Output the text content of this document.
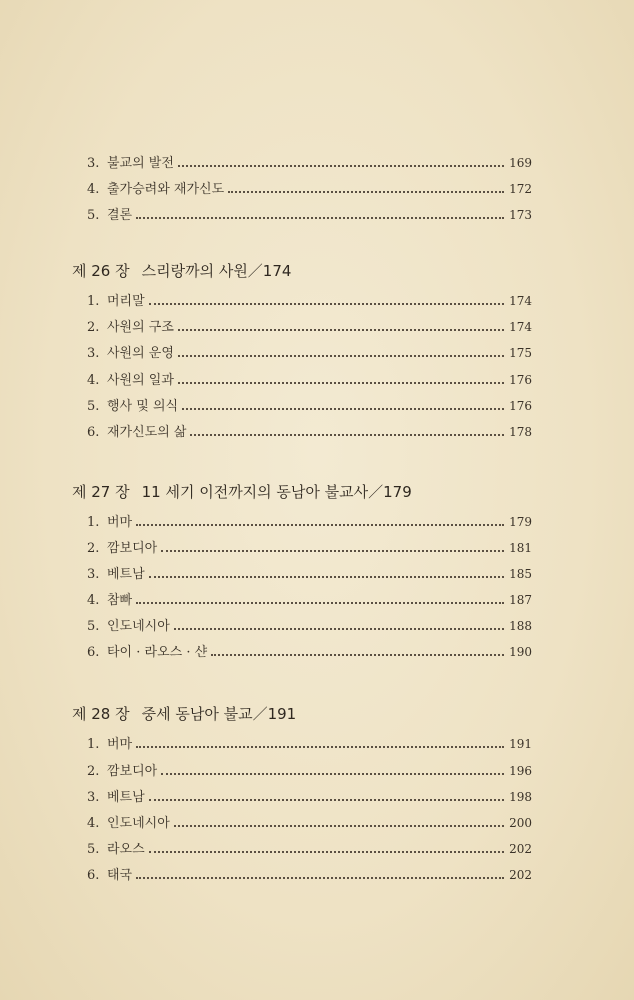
3. 불교의 발전	169
4. 출가승려와 재가신도	172
5. 결론	173
제 26 장 스리랑까의 사원／174
1. 머리말	174
2. 사원의 구조	174
3. 사원의 운영	175
4. 사원의 일과	176
5. 행사 및 의식	176
6. 재가신도의 삶	178
제 27 장 11 세기 이전까지의 동남아 불교사／179
1. 버마	179
2. 깜보디아	181
3. 베트남	185
4. 참빠	187
5. 인도네시아	188
6. 타이 · 라오스 · 샨	190
제 28 장 중세 동남아 불교／191
1. 버마	191
2. 깜보디아	196
3. 베트남	198
4. 인도네시아	200
5. 라오스	202
6. 태국	202
